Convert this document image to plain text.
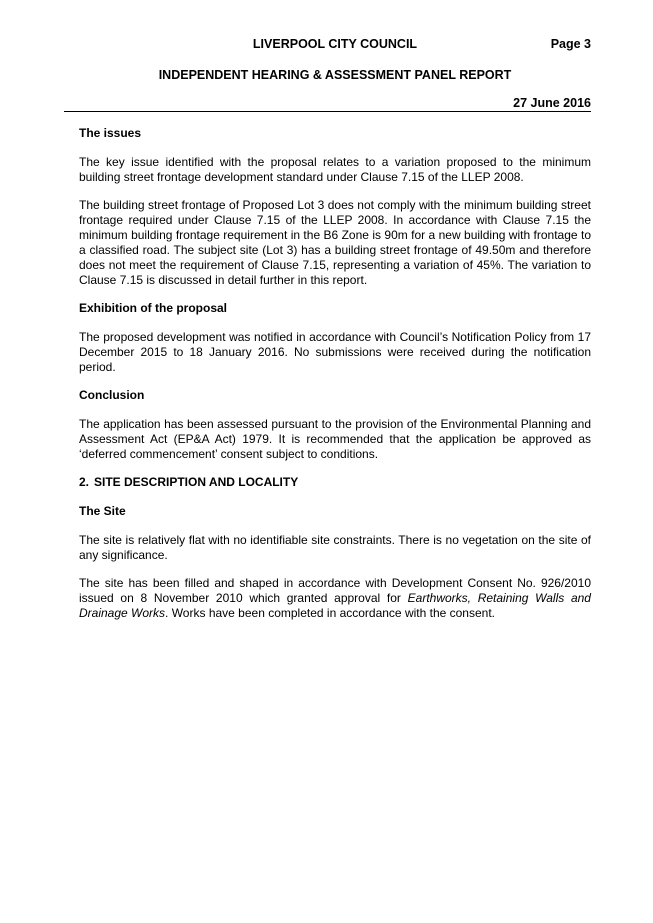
LIVERPOOL CITY COUNCIL	Page 3
INDEPENDENT HEARING & ASSESSMENT PANEL REPORT
27 June 2016
The issues

The key issue identified with the proposal relates to a variation proposed to the minimum building street frontage development standard under Clause 7.15 of the LLEP 2008.

The building street frontage of Proposed Lot 3 does not comply with the minimum building street frontage required under Clause 7.15 of the LLEP 2008. In accordance with Clause 7.15 the minimum building frontage requirement in the B6 Zone is 90m for a new building with frontage to a classified road. The subject site (Lot 3) has a building street frontage of 49.50m and therefore does not meet the requirement of Clause 7.15, representing a variation of 45%. The variation to Clause 7.15 is discussed in detail further in this report.

Exhibition of the proposal

The proposed development was notified in accordance with Council’s Notification Policy from 17 December 2015 to 18 January 2016. No submissions were received during the notification period.

Conclusion

The application has been assessed pursuant to the provision of the Environmental Planning and Assessment Act (EP&A Act) 1979. It is recommended that the application be approved as ‘deferred commencement’ consent subject to conditions.

2. SITE DESCRIPTION AND LOCALITY
The Site

The site is relatively flat with no identifiable site constraints. There is no vegetation on the site of any significance.

The site has been filled and shaped in accordance with Development Consent No. 926/2010 issued on 8 November 2010 which granted approval for Earthworks, Retaining Walls and Drainage Works. Works have been completed in accordance with the consent.
